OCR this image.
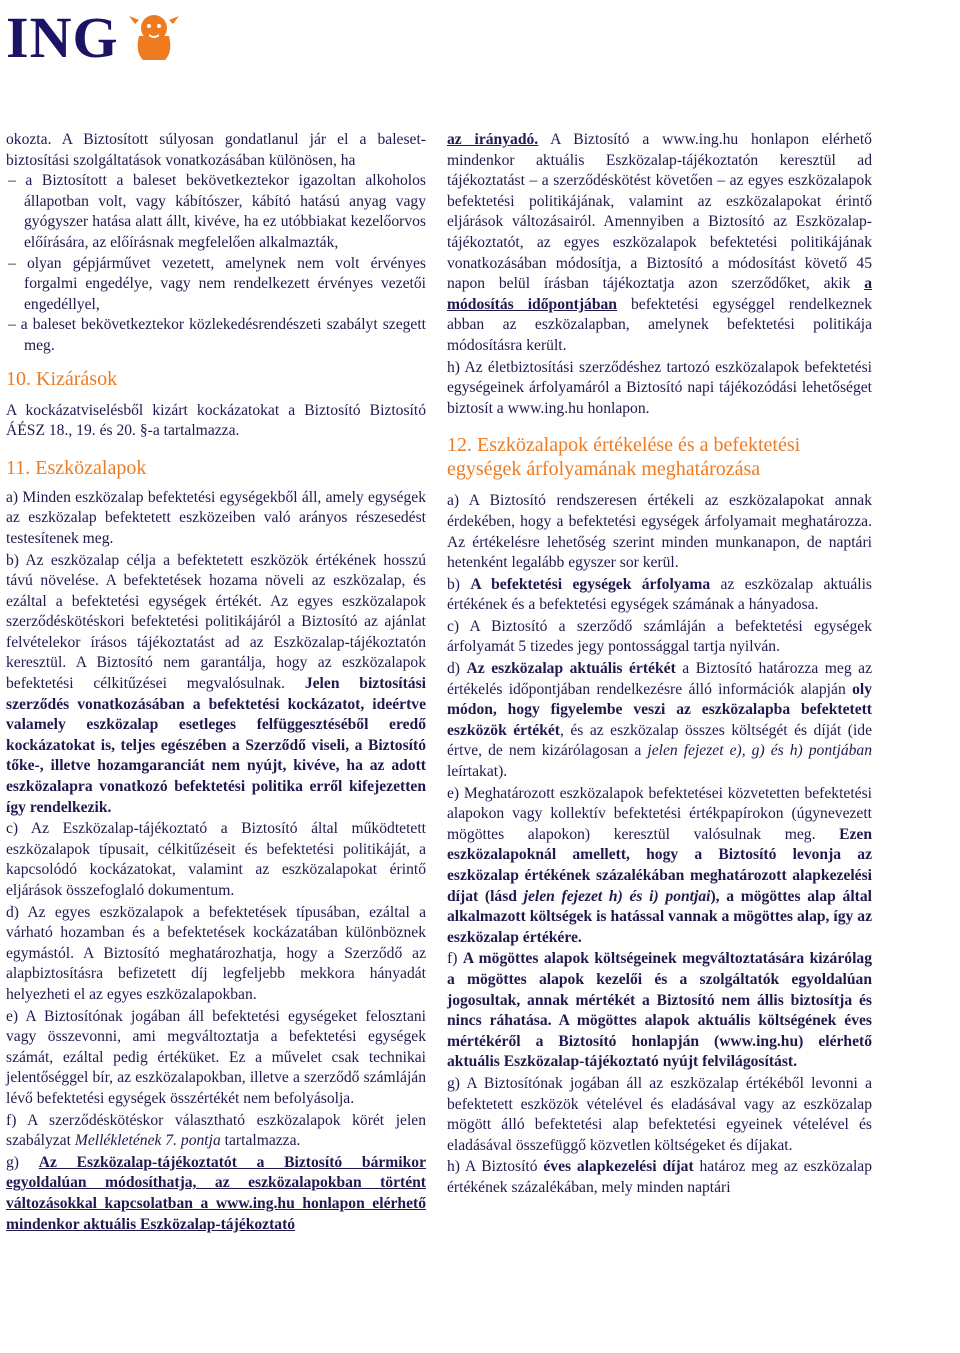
ING

okozta. A Biztosított súlyosan gondatlanul jár el a baleset-biztosítási szolgáltatások vonatkozásában különösen, ha

– a Biztosított a baleset bekövetkeztekor igazoltan alkoholos állapotban volt, vagy kábítószer, kábító hatású anyag vagy gyógyszer hatása alatt állt, kivéve, ha ez utóbbiakat kezelőorvos előírására, az előírásnak megfelelően alkalmazták,

– olyan gépjárművet vezetett, amelynek nem volt érvényes forgalmi engedélye, vagy nem rendelkezett érvényes vezetői engedéllyel,

– a baleset bekövetkeztekor közlekedésrendészeti szabályt szegett meg.

10. Kizárások

A kockázatviselésből kizárt kockázatokat a Biztosító Biztosító ÁÉSZ 18., 19. és 20. §-a tartalmazza.

11. Eszközalapok

a) Minden eszközalap befektetési egységekből áll, amely egységek az eszközalap befektetett eszközeiben való arányos részesedést testesítenek meg.

b) Az eszközalap célja a befektetett eszközök értékének hosszú távú növelése. A befektetések hozama növeli az eszközalap, és ezáltal a befektetési egységek értékét. Az egyes eszközalapok szerződéskötéskori befektetési politikájáról a Biztosító az ajánlat felvételekor írásos tájékoztatást ad az Eszközalap-tájékoztatón keresztül. A Biztosító nem garantálja, hogy az eszközalapok befektetési célkitűzései megvalósulnak. Jelen biztosítási szerződés vonatkozásában a befektetési kockázatot, ideértve valamely eszközalap esetleges felfüggesztéséből eredő kockázatokat is, teljes egészében a Szerződő viseli, a Biztosító tőke-, illetve hozamgaranciát nem nyújt, kivéve, ha az adott eszközalapra vonatkozó befektetési politika erről kifejezetten így rendelkezik.

c) Az Eszközalap-tájékoztató a Biztosító által működtetett eszközalapok típusait, célkitűzéseit és befektetési politikáját, a kapcsolódó kockázatokat, valamint az eszközalapokat érintő eljárások összefoglaló dokumentum.

d) Az egyes eszközalapok a befektetések típusában, ezáltal a várható hozamban és a befektetések kockázatában különböznek egymástól. A Biztosító meghatározhatja, hogy a Szerződő az alapbiztosításra befizetett díj legfeljebb mekkora hányadát helyezheti el az egyes eszközalapokban.

e) A Biztosítónak jogában áll befektetési egységeket felosztani vagy összevonni, ami megváltoztatja a befektetési egységek számát, ezáltal pedig értéküket. Ez a művelet csak technikai jelentőséggel bír, az eszközalapokban, illetve a szerződő számláján lévő befektetési egységek összértékét nem befolyásolja.

f) A szerződéskötéskor választható eszközalapok körét jelen szabályzat Mellékletének 7. pontja tartalmazza.

g) Az Eszközalap-tájékoztatót a Biztosító bármikor egyoldalúan módosíthatja, az eszközalapokban történt változásokkal kapcsolatban a www.ing.hu honlapon elérhető mindenkor aktuális Eszközalap-tájékoztató

az irányadó. A Biztosító a www.ing.hu honlapon elérhető mindenkor aktuális Eszközalap-tájékoztatón keresztül ad tájékoztatást – a szerződéskötést követően – az egyes eszközalapok befektetési politikájának, valamint az eszközalapokat érintő eljárások változásairól. Amennyiben a Biztosító az Eszközalap-tájékoztatót, az egyes eszközalapok befektetési politikájának vonatkozásában módosítja, a Biztosító a módosítást követő 45 napon belül írásban tájékoztatja azon szerződőket, akik a módosítás időpontjában befektetési egységgel rendelkeznek abban az eszközalapban, amelynek befektetési politikája módosításra került.

h) Az életbiztosítási szerződéshez tartozó eszközalapok befektetési egységeinek árfolyamáról a Biztosító napi tájékozódási lehetőséget biztosít a www.ing.hu honlapon.

12. Eszközalapok értékelése és a befektetési egységek árfolyamának meghatározása

a) A Biztosító rendszeresen értékeli az eszközalapokat annak érdekében, hogy a befektetési egységek árfolyamait meghatározza. Az értékelésre lehetőség szerint minden munkanapon, de naptári hetenként legalább egyszer sor kerül.

b) A befektetési egységek árfolyama az eszközalap aktuális értékének és a befektetési egységek számának a hányadosa.

c) A Biztosító a szerződő számláján a befektetési egységek árfolyamát 5 tizedes jegy pontossággal tartja nyilván.

d) Az eszközalap aktuális értékét a Biztosító határozza meg az értékelés időpontjában rendelkezésre álló információk alapján oly módon, hogy figyelembe veszi az eszközalapba befektetett eszközök értékét, és az eszközalap összes költségét és díját (ide értve, de nem kizárólagosan a jelen fejezet e), g) és h) pontjában leírtakat).

e) Meghatározott eszközalapok befektetései közvetetten befektetési alapokon vagy kollektív befektetési értékpapírokon (úgynevezett mögöttes alapokon) keresztül valósulnak meg. Ezen eszközalapoknál amellett, hogy a Biztosító levonja az eszközalap értékének százalékában meghatározott alapkezelési díjat (lásd jelen fejezet h) és i) pontjai), a mögöttes alap által alkalmazott költségek is hatással vannak a mögöttes alap, így az eszközalap értékére.

f) A mögöttes alapok költségeinek megváltoztatására kizárólag a mögöttes alapok kezelői és a szolgáltatók egyoldalúan jogosultak, annak mértékét a Biztosító nem állis biztosítja és nincs ráhatása. A mögöttes alapok aktuális költségének éves mértékéről a Biztosító honlapján (www.ing.hu) elérhető aktuális Eszközalap-tájékoztató nyújt felvilágosítást.

g) A Biztosítónak jogában áll az eszközalap értékéből levonni a befektetett eszközök vételével és eladásával vagy az eszközalap mögött álló befektetési alap befektetési egyeinek vételével és eladásával összefüggő közvetlen költségeket és díjakat.

h) A Biztosító éves alapkezelési díjat határoz meg az eszközalap értékének százalékában, mely minden naptári
